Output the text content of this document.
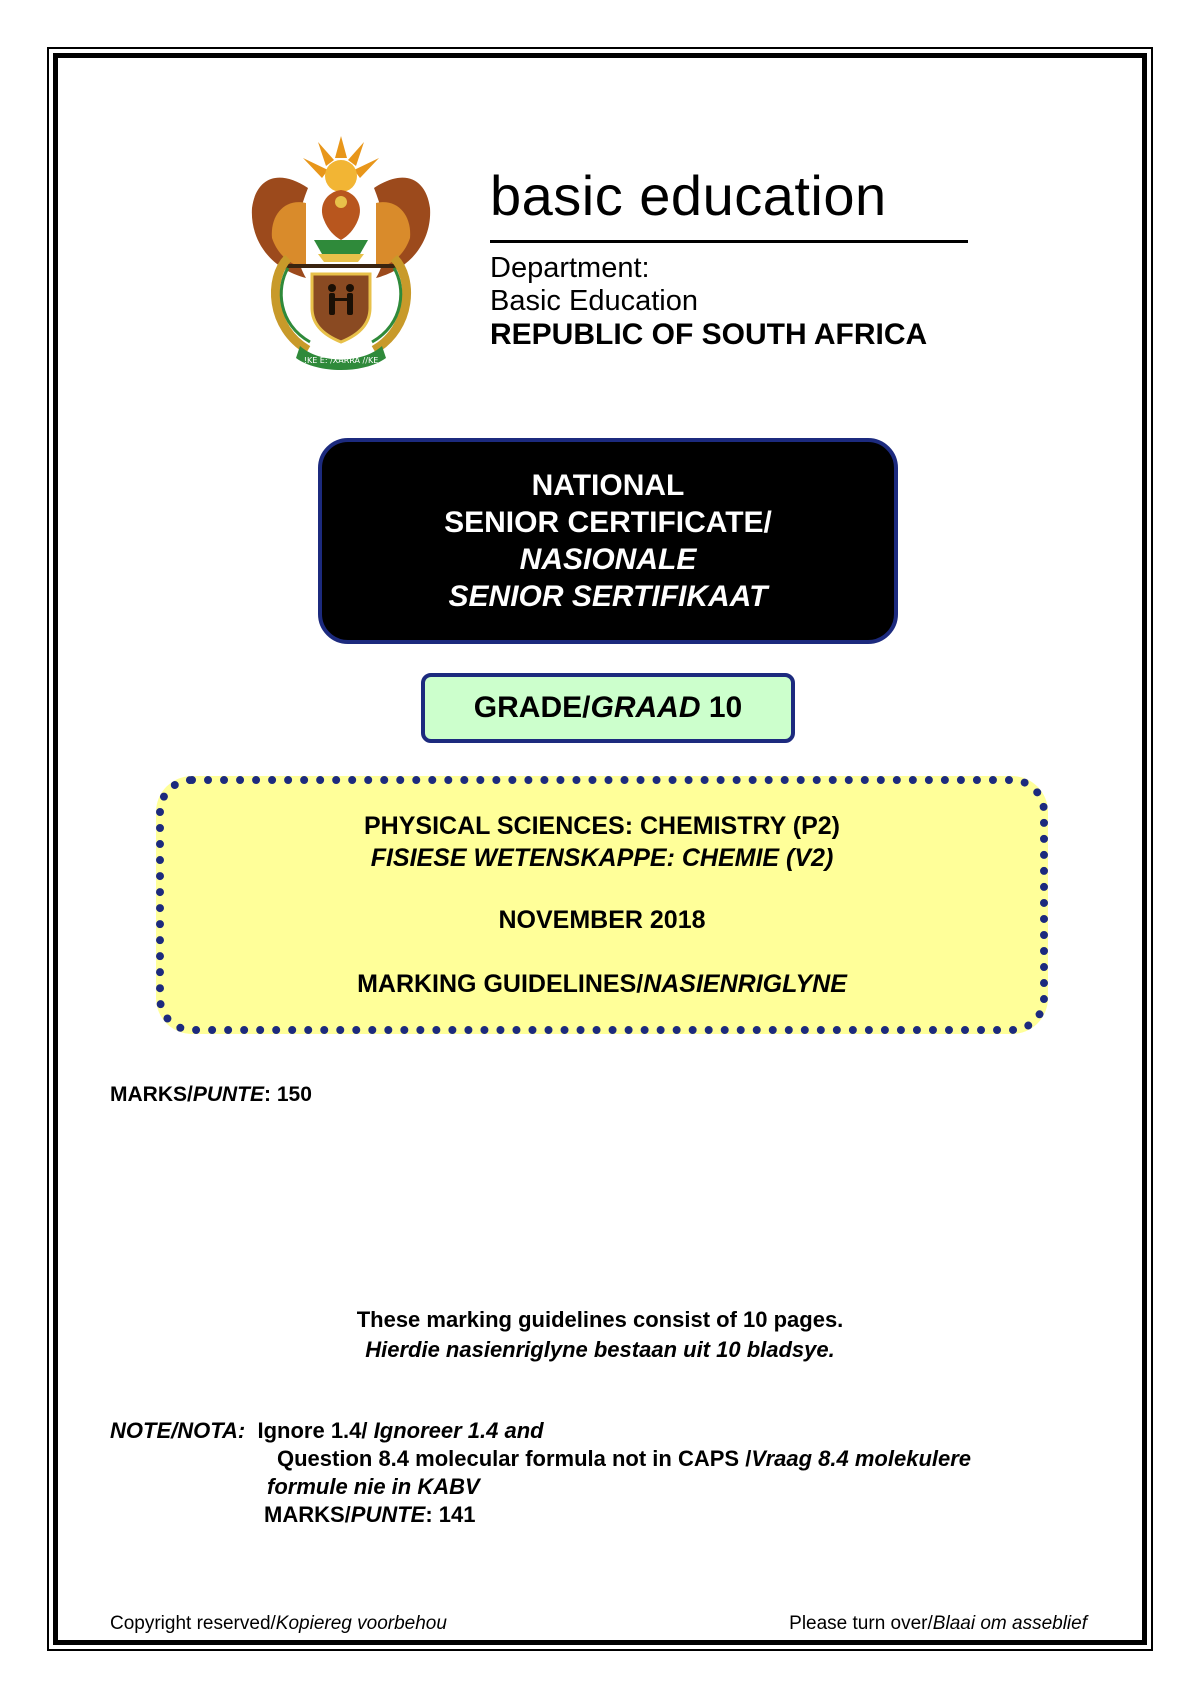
!KE E: /XARRA //KE
basic education
Department:
Basic Education
REPUBLIC OF SOUTH AFRICA
NATIONAL
SENIOR CERTIFICATE/
NASIONALE
SENIOR SERTIFIKAAT
GRADE/GRAAD 10
PHYSICAL SCIENCES: CHEMISTRY (P2)
FISIESE WETENSKAPPE: CHEMIE (V2)
NOVEMBER 2018
MARKING GUIDELINES/NASIENRIGLYNE
MARKS/PUNTE: 150
These marking guidelines consist of 10 pages.
Hierdie nasienriglyne bestaan uit 10 bladsye.
NOTE/NOTA: Ignore 1.4/ Ignoreer 1.4 and
Question 8.4 molecular formula not in CAPS /Vraag 8.4 molekulere
formule nie in KABV
MARKS/PUNTE: 141
Copyright reserved/Kopiereg voorbehou	Please turn over/Blaai om asseblief
